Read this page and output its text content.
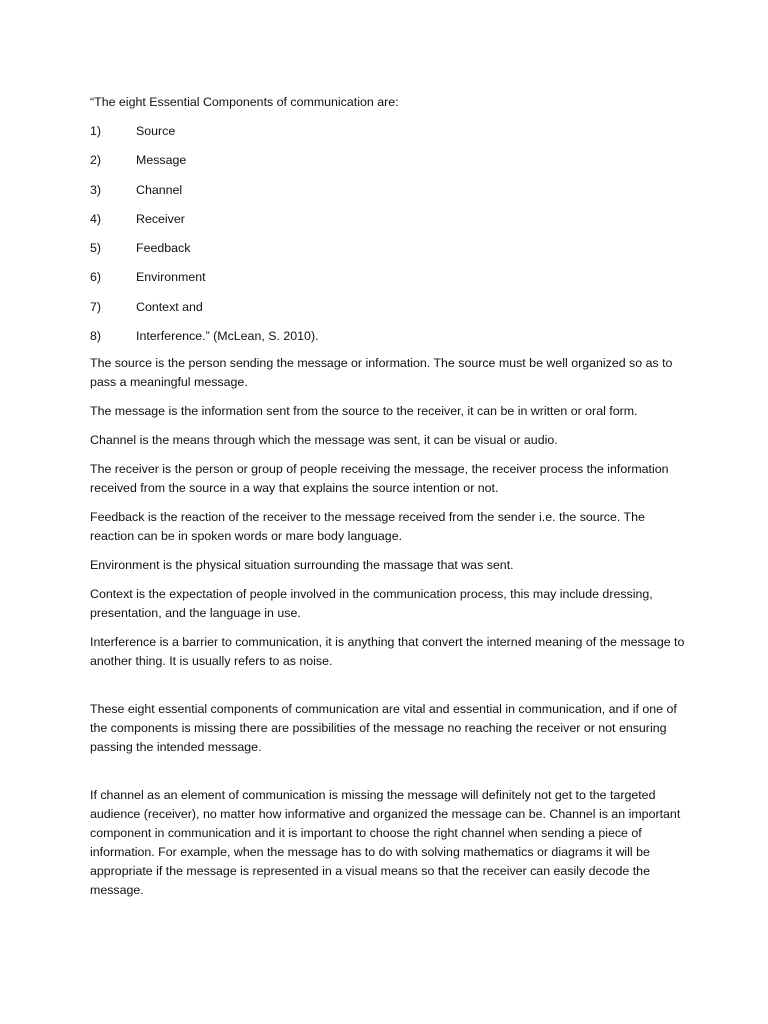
“The eight Essential Components of communication are:

1)	Source
2)	Message
3)	Channel
4)	Receiver
5)	Feedback
6)	Environment
7)	Context and
8)	Interference.” (McLean, S. 2010).

The source is the person sending the message or information. The source must be well organized so as to pass a meaningful message.

The message is the information sent from the source to the receiver, it can be in written or oral form.

Channel is the means through which the message was sent, it can be visual or audio.

The receiver is the person or group of people receiving the message, the receiver process the information received from the source in a way that explains the source intention or not.

Feedback is the reaction of the receiver to the message received from the sender i.e. the source. The reaction can be in spoken words or mare body language.

Environment is the physical situation surrounding the massage that was sent.

Context is the expectation of people involved in the communication process, this may include dressing, presentation, and the language in use.

Interference is a barrier to communication, it is anything that convert the interned meaning of the message to another thing. It is usually refers to as noise.

These eight essential components of communication are vital and essential in communication, and if one of the components is missing there are possibilities of the message no reaching the receiver or not ensuring passing the intended message.

If channel as an element of communication is missing the message will definitely not get to the targeted audience (receiver), no matter how informative and organized the message can be. Channel is an important component in communication and it is important to choose the right channel when sending a piece of information. For example, when the message has to do with solving mathematics or diagrams it will be appropriate if the message is represented in a visual means so that the receiver can easily decode the message.
